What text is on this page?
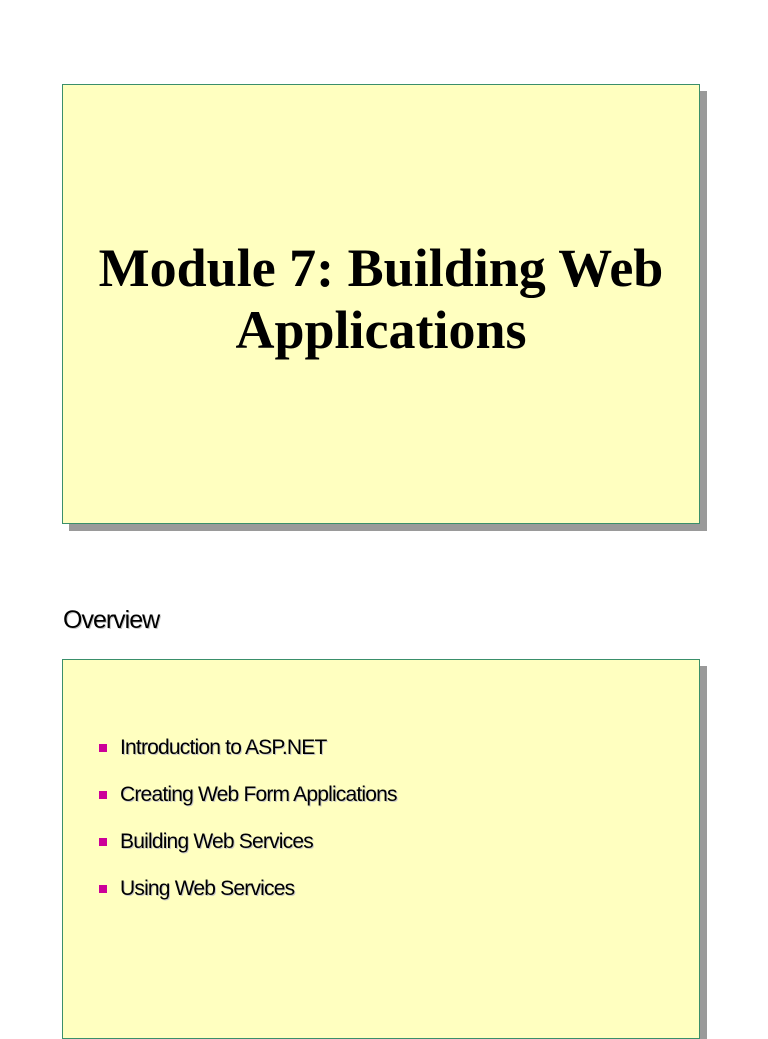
Module 7: Building Web
Applications
Overview
Introduction to ASP.NET
Creating Web Form Applications
Building Web Services
Using Web Services
